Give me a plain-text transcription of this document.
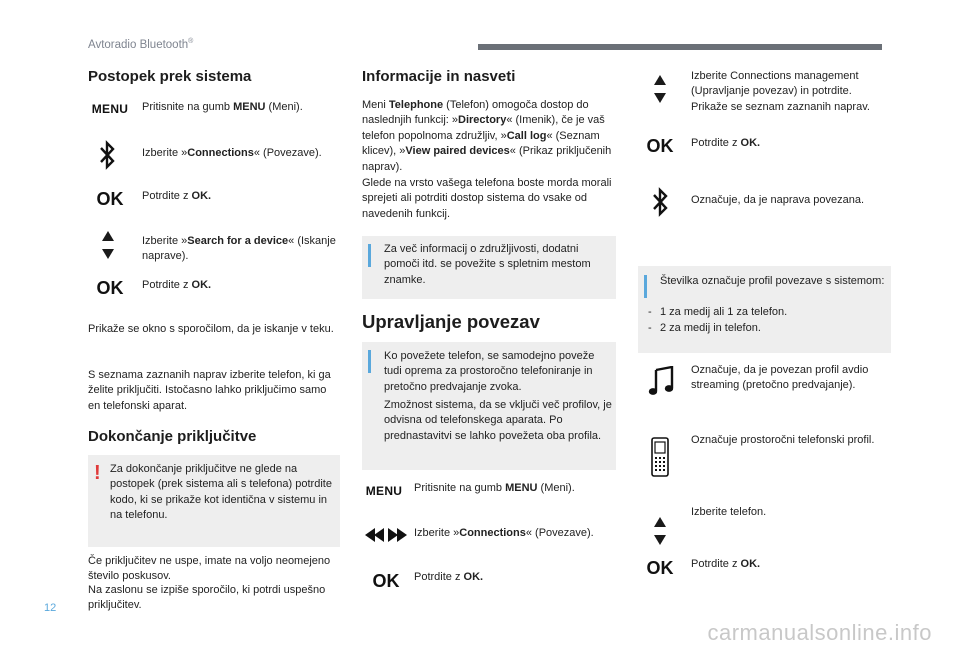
Avtoradio Bluetooth®
Postopek prek sistema
MENU Pritisnite na gumb MENU (Meni).
Izberite »Connections« (Povezave).
OK Potrdite z OK.
Izberite »Search for a device« (Iskanje naprave).
OK Potrdite z OK.
Prikaže se okno s sporočilom, da je iskanje v teku.
S seznama zaznanih naprav izberite telefon, ki ga želite priključiti. Istočasno lahko priključimo samo en telefonski aparat.
Dokončanje priključitve
! Za dokončanje priključitve ne glede na postopek (prek sistema ali s telefona) potrdite kodo, ki se prikaže kot identična v sistemu in na telefonu.
Če priključitev ne uspe, imate na voljo neomejeno število poskusov.
Na zaslonu se izpiše sporočilo, ki potrdi uspešno priključitev.
Informacije in nasveti
Meni Telephone (Telefon) omogoča dostop do naslednjih funkcij: »Directory« (Imenik), če je vaš telefon popolnoma združljiv, »Call log« (Seznam klicev), »View paired devices« (Prikaz priključenih naprav).
Glede na vrsto vašega telefona boste morda morali sprejeti ali potrditi dostop sistema do vsake od navedenih funkcij.
Za več informacij o združljivosti, dodatni pomoči itd. se povežite s spletnim mestom znamke.
Upravljanje povezav
Ko povežete telefon, se samodejno poveže tudi oprema za prostoročno telefoniranje in pretočno predvajanje zvoka.
Zmožnost sistema, da se vključi več profilov, je odvisna od telefonskega aparata. Po prednastavitvi se lahko povežeta oba profila.
MENU Pritisnite na gumb MENU (Meni).
Izberite »Connections« (Povezave).
OK Potrdite z OK.
Izberite Connections management (Upravljanje povezav) in potrdite. Prikaže se seznam zaznanih naprav.
OK Potrdite z OK.
Označuje, da je naprava povezana.
Številka označuje profil povezave s sistemom:
- 1 za medij ali 1 za telefon.
- 2 za medij in telefon.
Označuje, da je povezan profil avdio streaming (pretočno predvajanje).
Označuje prostoročni telefonski profil.
Izberite telefon.
OK Potrdite z OK.
12
carmanualsonline.info
